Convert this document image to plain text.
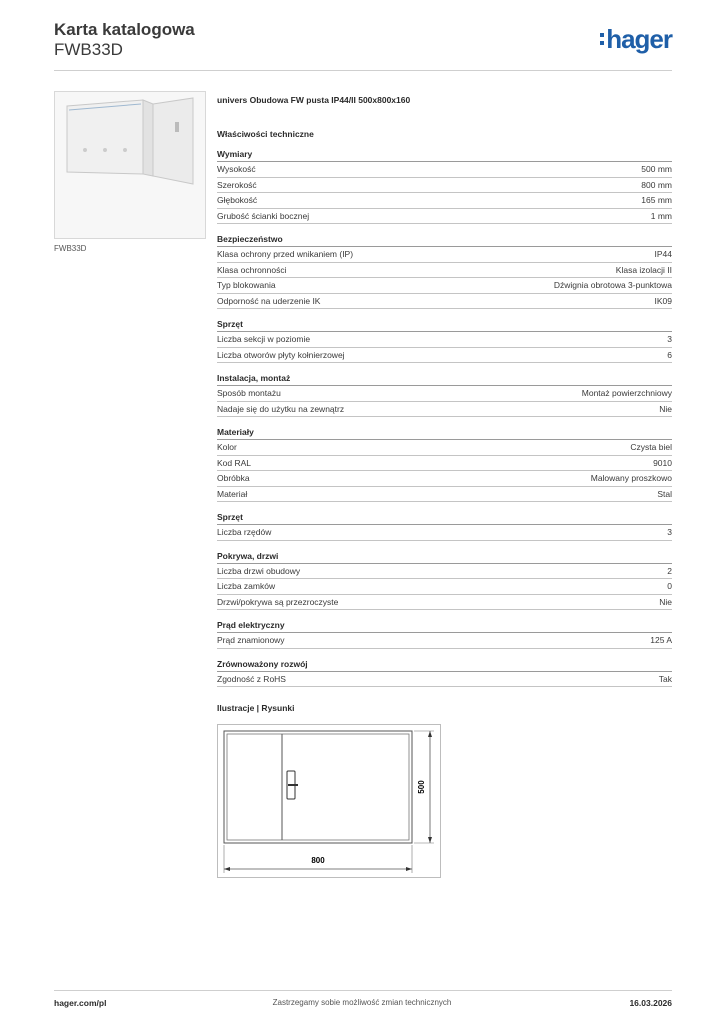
Karta katalogowa
FWB33D	hager
FWB33D
univers Obudowa FW pusta IP44/II 500x800x160
Właściwości techniczne
Wymiary
Wysokość	500 mm
Szerokość	800 mm
Głębokość	165 mm
Grubość ścianki bocznej	1 mm
Bezpieczeństwo
Klasa ochrony przed wnikaniem (IP)	IP44
Klasa ochronności	Klasa izolacji II
Typ blokowania	Dźwignia obrotowa 3-punktowa
Odporność na uderzenie IK	IK09
Sprzęt
Liczba sekcji w poziomie	3
Liczba otworów płyty kołnierzowej	6
Instalacja, montaż
Sposób montażu	Montaż powierzchniowy
Nadaje się do użytku na zewnątrz	Nie
Materiały
Kolor	Czysta biel
Kod RAL	9010
Obróbka	Malowany proszkowo
Materiał	Stal
Sprzęt
Liczba rzędów	3
Pokrywa, drzwi
Liczba drzwi obudowy	2
Liczba zamków	0
Drzwi/pokrywa są przezroczyste	Nie
Prąd elektryczny
Prąd znamionowy	125 A
Zrównoważony rozwój
Zgodność z RoHS	Tak
Ilustracje | Rysunki
500
800
hager.com/pl	Zastrzegamy sobie możliwość zmian technicznych	16.03.2026
